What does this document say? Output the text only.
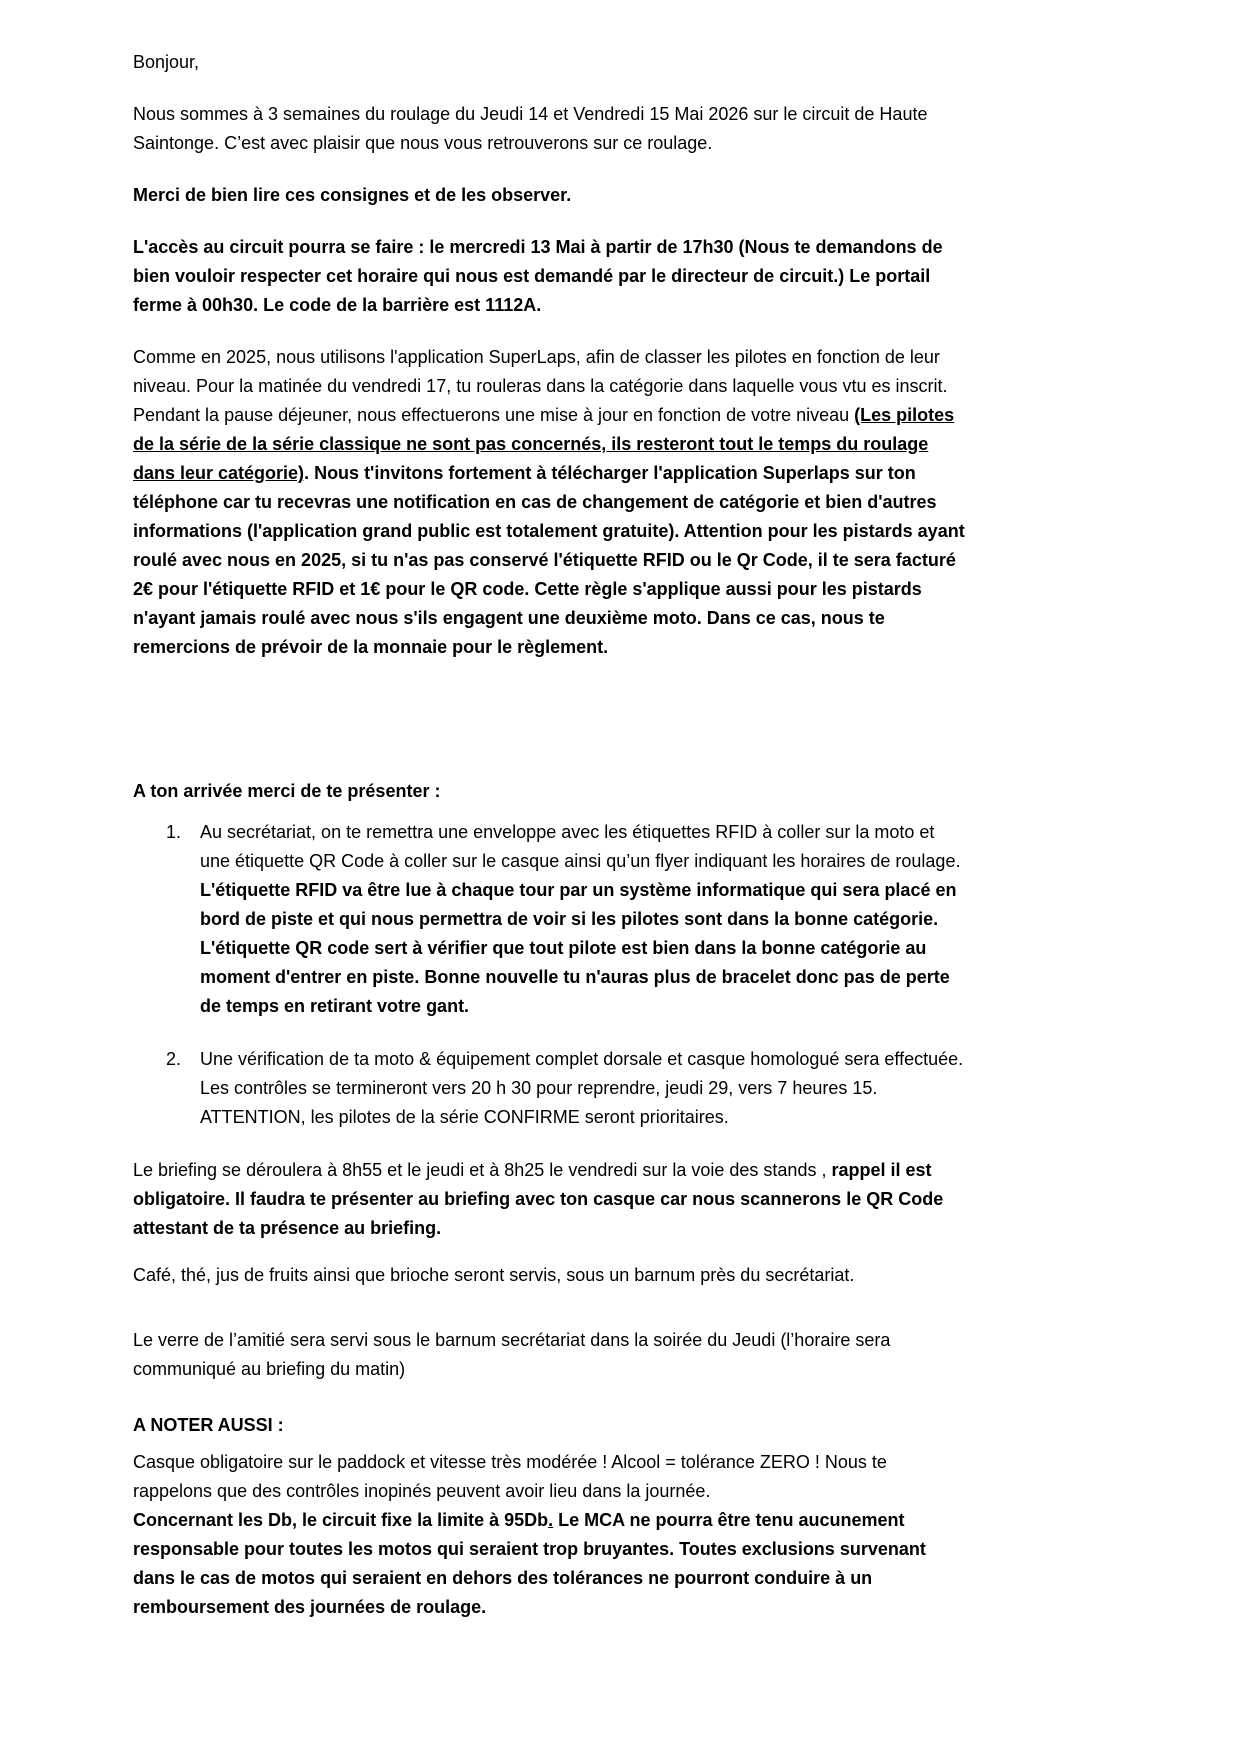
Bonjour,

Nous sommes à 3 semaines du roulage du Jeudi 14 et Vendredi 15 Mai 2026 sur le circuit de Haute Saintonge. C’est avec plaisir que nous vous retrouverons sur ce roulage.

Merci de bien lire ces consignes et de les observer.

L'accès au circuit pourra se faire : le mercredi 13 Mai à partir de 17h30 (Nous te demandons de bien vouloir respecter cet horaire qui nous est demandé par le directeur de circuit.) Le portail ferme à 00h30. Le code de la barrière est 1112A.

Comme en 2025, nous utilisons l'application SuperLaps, afin de classer les pilotes en fonction de leur niveau. Pour la matinée du vendredi 17, tu rouleras dans la catégorie dans laquelle vous vtu es inscrit. Pendant la pause déjeuner, nous effectuerons une mise à jour en fonction de votre niveau (Les pilotes de la série de la série classique ne sont pas concernés, ils resteront tout le temps du roulage dans leur catégorie). Nous t'invitons fortement à télécharger l'application Superlaps sur ton téléphone car tu recevras une notification en cas de changement de catégorie et bien d'autres informations (l'application grand public est totalement gratuite). Attention pour les pistards ayant roulé avec nous en 2025, si tu n'as pas conservé l'étiquette RFID ou le Qr Code, il te sera facturé 2€ pour l'étiquette RFID et 1€ pour le QR code. Cette règle s'applique aussi pour les pistards n'ayant jamais roulé avec nous s'ils engagent une deuxième moto. Dans ce cas, nous te remercions de prévoir de la monnaie pour le règlement.

A ton arrivée merci de te présenter :

1.	Au secrétariat, on te remettra une enveloppe avec les étiquettes RFID à coller sur la moto et une étiquette QR Code à coller sur le casque ainsi qu’un flyer indiquant les horaires de roulage. L'étiquette RFID va être lue à chaque tour par un système informatique qui sera placé en bord de piste et qui nous permettra de voir si les pilotes sont dans la bonne catégorie. L'étiquette QR code sert à vérifier que tout pilote est bien dans la bonne catégorie au moment d'entrer en piste. Bonne nouvelle tu n'auras plus de bracelet donc pas de perte de temps en retirant votre gant.
2.	Une vérification de ta moto & équipement complet dorsale et casque homologué sera effectuée. Les contrôles se termineront vers 20 h 30 pour reprendre, jeudi 29, vers 7 heures 15. ATTENTION, les pilotes de la série CONFIRME seront prioritaires.

Le briefing se déroulera à 8h55 et le jeudi et à 8h25 le vendredi sur la voie des stands , rappel il est obligatoire. Il faudra te présenter au briefing avec ton casque car nous scannerons le QR Code attestant de ta présence au briefing.

Café, thé, jus de fruits ainsi que brioche seront servis, sous un barnum près du secrétariat.

Le verre de l’amitié sera servi sous le barnum secrétariat dans la soirée du Jeudi (l’horaire sera communiqué au briefing du matin)

A NOTER AUSSI :

Casque obligatoire sur le paddock et vitesse très modérée ! Alcool = tolérance ZERO ! Nous te rappelons que des contrôles inopinés peuvent avoir lieu dans la journée.

Concernant les Db, le circuit fixe la limite à 95Db. Le MCA ne pourra être tenu aucunement responsable pour toutes les motos qui seraient trop bruyantes. Toutes exclusions survenant dans le cas de motos qui seraient en dehors des tolérances ne pourront conduire à un remboursement des journées de roulage.
